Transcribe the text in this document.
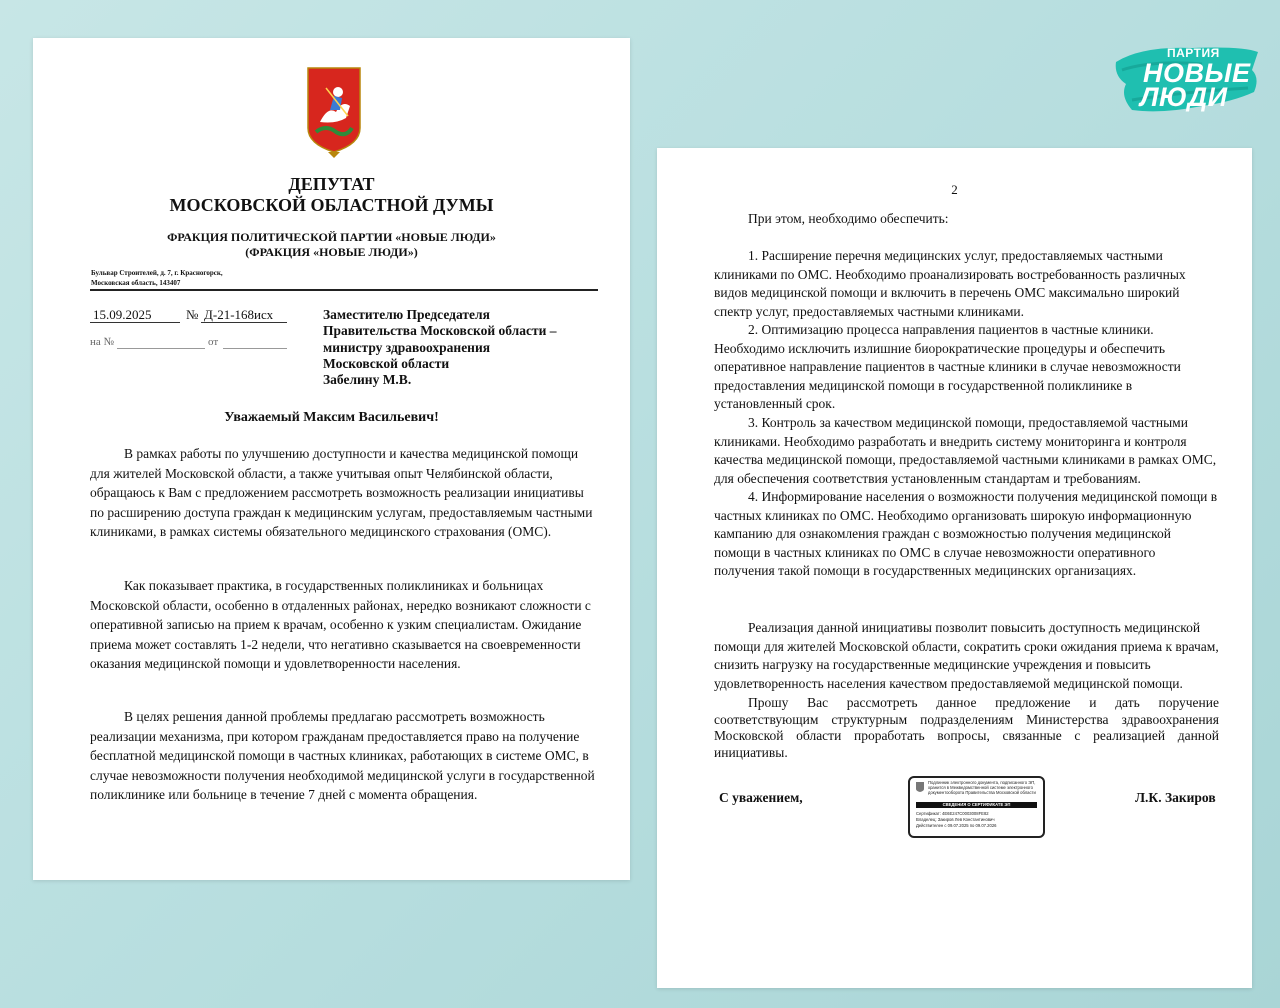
ДЕПУТАТ
МОСКОВСКОЙ ОБЛАСТНОЙ ДУМЫ
ФРАКЦИЯ ПОЛИТИЧЕСКОЙ ПАРТИИ «НОВЫЕ ЛЮДИ»
(ФРАКЦИЯ «НОВЫЕ ЛЮДИ»)
Бульвар Строителей, д. 7, г. Красногорск,
Московская область, 143407
15.09.2025	№ Д-21-168исх
на №	от
Заместителю Председателя
Правительства Московской области –
министру здравоохранения
Московской области
Забелину М.В.
Уважаемый Максим Васильевич!

В рамках работы по улучшению доступности и качества медицинской помощи для жителей Московской области, а также учитывая опыт Челябинской области, обращаюсь к Вам с предложением рассмотреть возможность реализации инициативы по расширению доступа граждан к медицинским услугам, предоставляемым частными клиниками, в рамках системы обязательного медицинского страхования (ОМС).

Как показывает практика, в государственных поликлиниках и больницах Московской области, особенно в отдаленных районах, нередко возникают сложности с оперативной записью на прием к врачам, особенно к узким специалистам. Ожидание приема может составлять 1-2 недели, что негативно сказывается на своевременности оказания медицинской помощи и удовлетворенности населения.

В целях решения данной проблемы предлагаю рассмотреть возможность реализации механизма, при котором гражданам предоставляется право на получение бесплатной медицинской помощи в частных клиниках, работающих в системе ОМС, в случае невозможности получения необходимой медицинской услуги в государственной поликлинике или больнице в течение 7 дней с момента обращения.

2

При этом, необходимо обеспечить:

1. Расширение перечня медицинских услуг, предоставляемых частными клиниками по ОМС. Необходимо проанализировать востребованность различных видов медицинской помощи и включить в перечень ОМС максимально широкий спектр услуг, предоставляемых частными клиниками.

2. Оптимизацию процесса направления пациентов в частные клиники. Необходимо исключить излишние биорократические процедуры и обеспечить оперативное направление пациентов в частные клиники в случае невозможности предоставления медицинской помощи в государственной поликлинике в установленный срок.

3. Контроль за качеством медицинской помощи, предоставляемой частными клиниками. Необходимо разработать и внедрить систему мониторинга и контроля качества медицинской помощи, предоставляемой частными клиниками в рамках ОМС, для обеспечения соответствия установленным стандартам и требованиям.

4. Информирование населения о возможности получения медицинской помощи в частных клиниках по ОМС. Необходимо организовать широкую информационную кампанию для ознакомления граждан с возможностью получения медицинской помощи в частных клиниках по ОМС в случае невозможности оперативного получения такой помощи в государственных медицинских организациях.

Реализация данной инициативы позволит повысить доступность медицинской помощи для жителей Московской области, сократить сроки ожидания приема к врачам, снизить нагрузку на государственные медицинские учреждения и повысить удовлетворенность населения качеством предоставляемой медицинской помощи.

Прошу Вас рассмотреть данное предложение и дать поручение соответствующим структурным подразделениям Министерства здравоохранения Московской области проработать вопросы, связанные с реализацией данной инициативы.

С уважением,
Подлинник электронного документа, подписанного ЭП,
хранится в Межведомственной системе электронного
документооборота Правительства Московской области
СВЕДЕНИЯ О СЕРТИФИКАТЕ ЭП
Сертификат: 4E6E247C0003008FE82
Владелец: Закиров Лев Константинович
Действителен с 09.07.2025 по 09.07.2026
Л.К. Закиров
ПАРТИЯ
НОВЫЕ
ЛЮДИ
